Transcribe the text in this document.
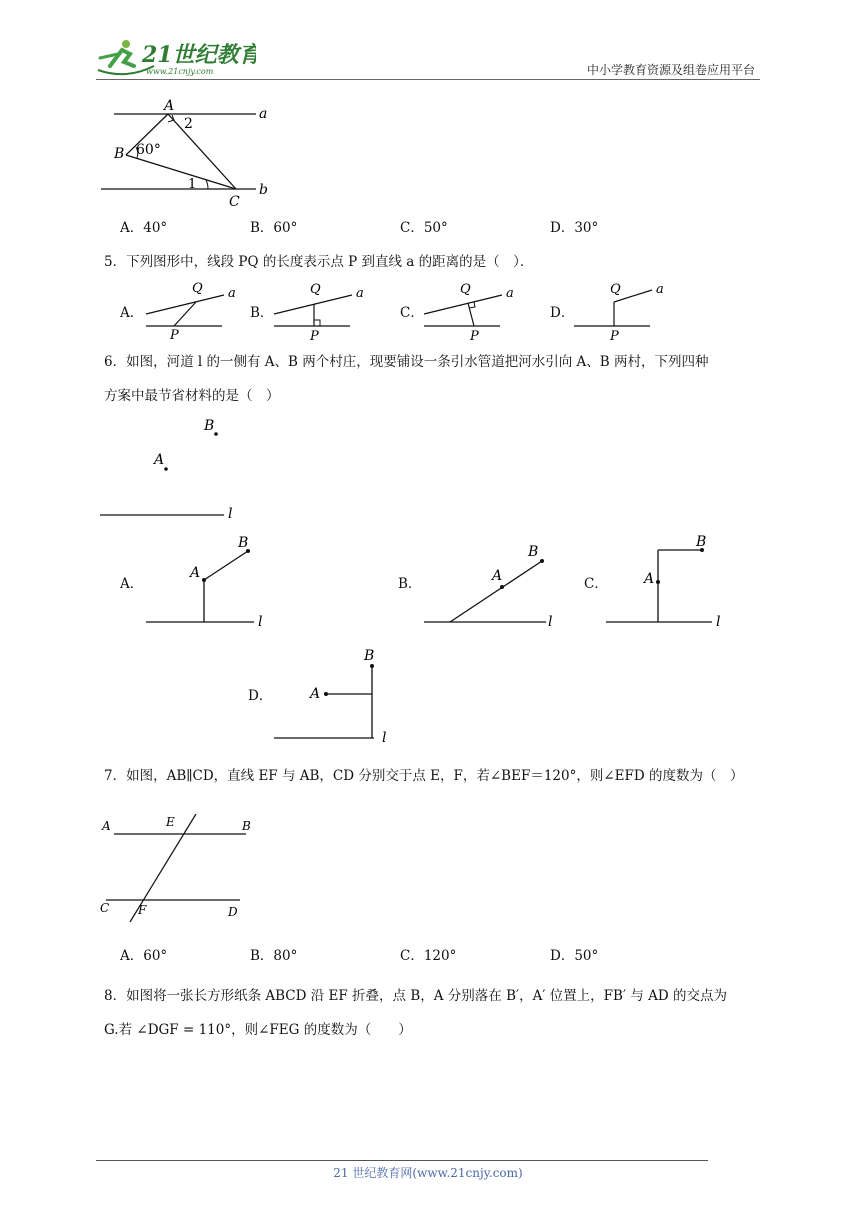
21世纪教育
www.21cnjy.com	中小学教育资源及组卷应用平台
A
2
B 60°
1
C
a
b
A．40°	B．60°	C．50°	D．30°
5．下列图形中，线段 PQ 的长度表示点 P 到直线 a 的距离的是（　）．
A．
Q a
P
B．
Q	a
P
C．
Q	a
P
D．
Q	a
P
6．如图，河道 l 的一侧有 A、B 两个村庄，现要铺设一条引水管道把河水引向 A、B 两村，下列四种
方案中最节省材料的是（　）
B
A
l
A．
A
B
l
B．	A
B
l
C．	A
B
l
D．	A
B
l
7．如图，AB∥CD，直线 EF 与 AB，CD 分别交于点 E，F，若∠BEF＝120°，则∠EFD 的度数为（　）
A	E	B
C F	D
A．60°	B．80°	C．120°	D．50°
8．如图将一张长方形纸条 ABCD 沿 EF 折叠，点 B，A 分别落在 B′，A′ 位置上，FB′ 与 AD 的交点为
G.若 ∠DGF = 110°，则∠FEG 的度数为（　　）
21 世纪教育网(www.21cnjy.com)
